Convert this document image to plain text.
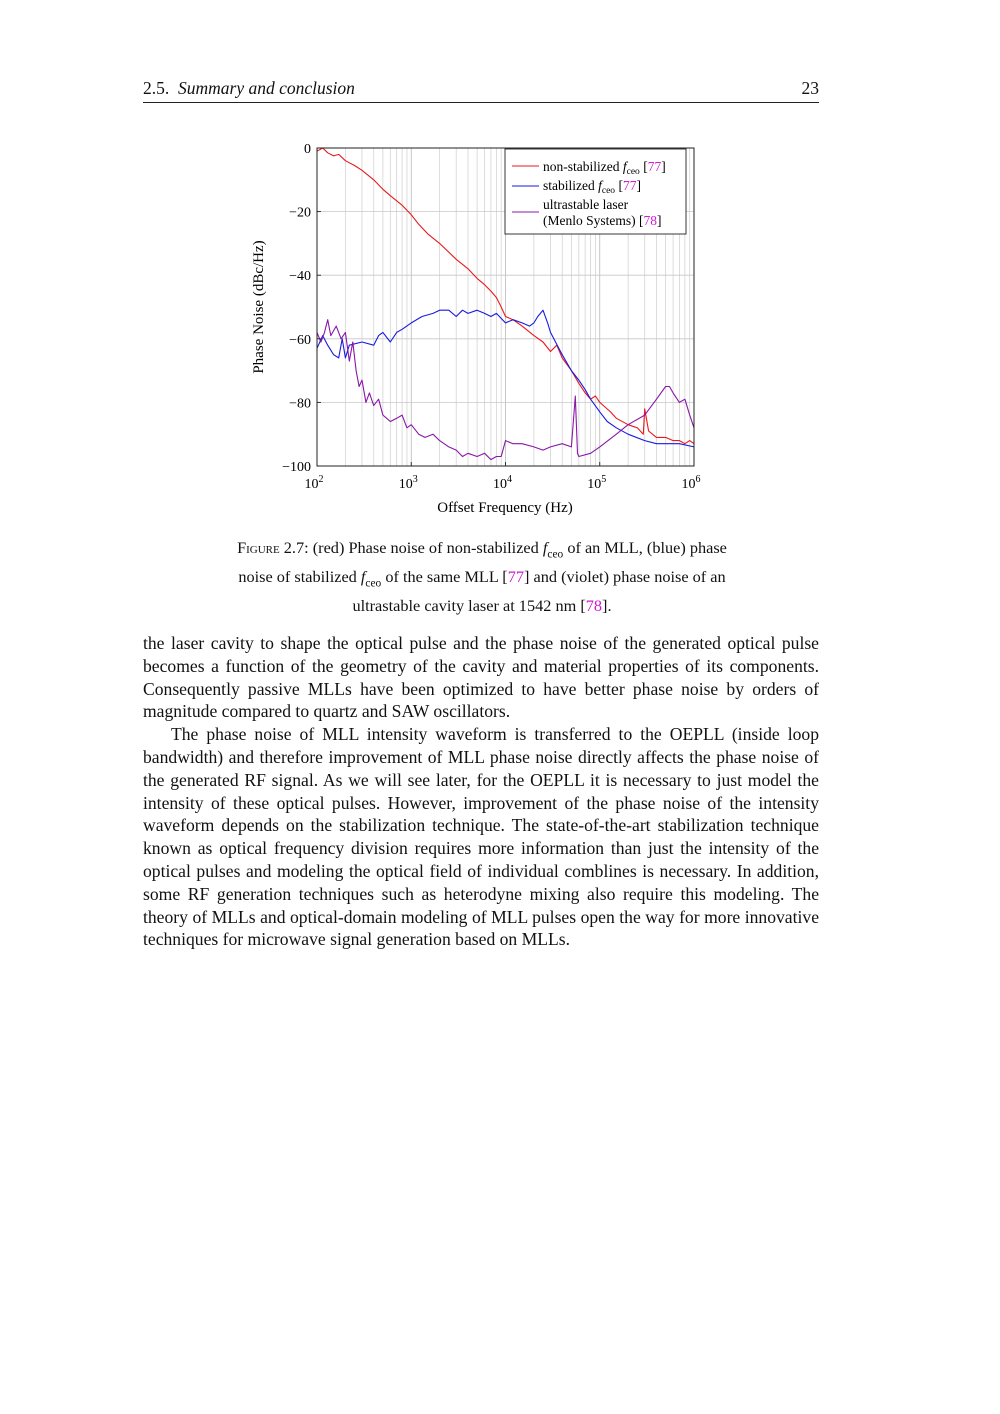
2.5. Summary and conclusion	23
0
−20
−40
−60
−80
−100
$10^2$	$10^3$	$10^4$	$10^5$	$10^6$
Offset Frequency (Hz)
Phase Noise (dBc/Hz)
non-stabilized $f_{ceo}$ [77]
stabilized $f_{ceo}$ [77]
ultrastable laser
(Menlo Systems) [78]
Figure 2.7: (red) Phase noise of non-stabilized $f_{ceo}$ of an MLL, (blue) phase noise of stabilized $f_{ceo}$ of the same MLL [77] and (violet) phase noise of an ultrastable cavity laser at 1542 nm [78].

the laser cavity to shape the optical pulse and the phase noise of the generated optical pulse becomes a function of the geometry of the cavity and material properties of its components. Consequently passive MLLs have been optimized to have better phase noise by orders of magnitude compared to quartz and SAW oscillators.

The phase noise of MLL intensity waveform is transferred to the OEPLL (inside loop bandwidth) and therefore improvement of MLL phase noise directly affects the phase noise of the generated RF signal. As we will see later, for the OEPLL it is necessary to just model the intensity of these optical pulses. However, improvement of the phase noise of the intensity waveform depends on the stabilization technique. The state-of-the-art stabilization technique known as optical frequency division requires more information than just the intensity of the optical pulses and modeling the optical field of individual comblines is necessary. In addition, some RF generation techniques such as heterodyne mixing also require this modeling. The theory of MLLs and optical-domain modeling of MLL pulses open the way for more innovative techniques for microwave signal generation based on MLLs.
